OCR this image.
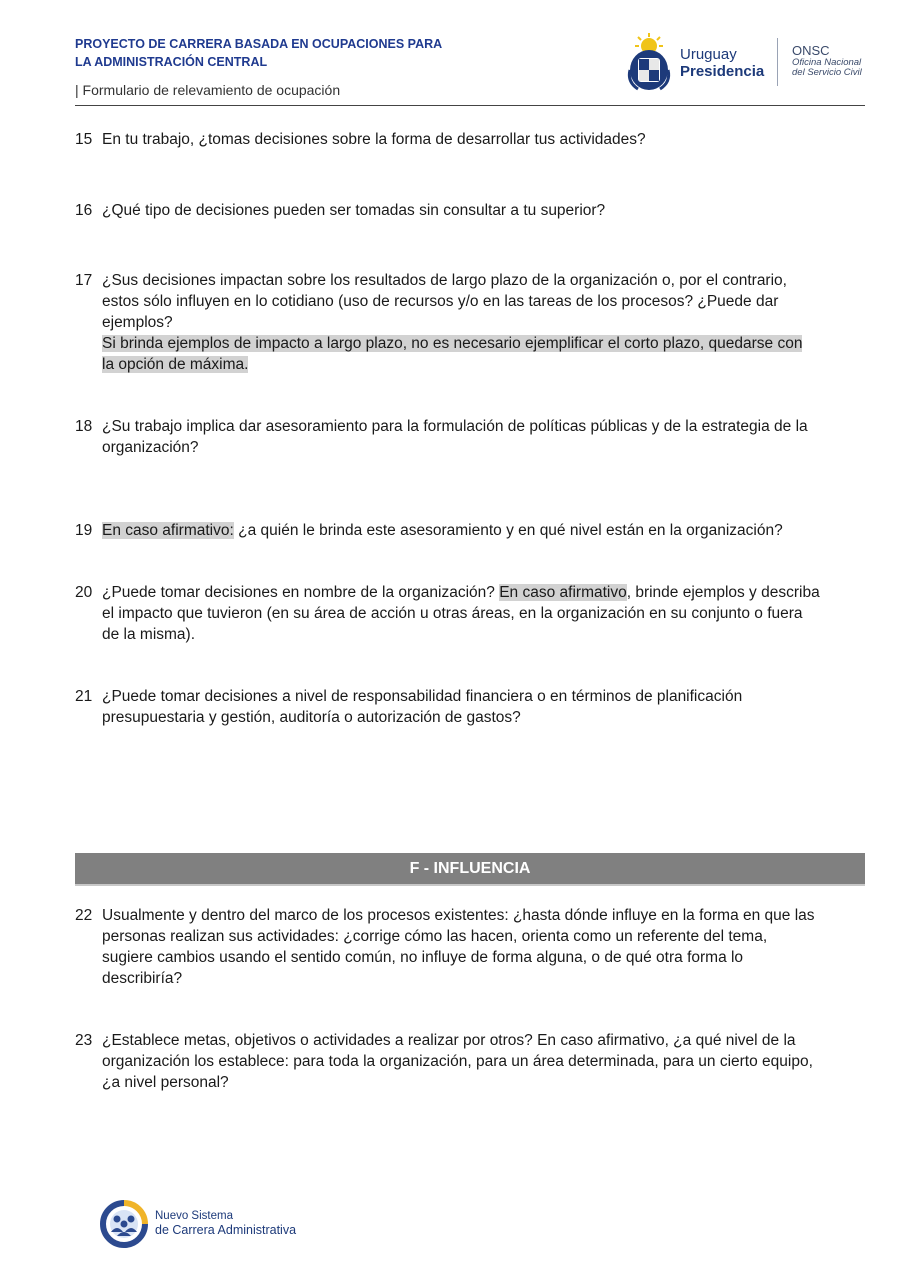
PROYECTO DE CARRERA BASADA EN OCUPACIONES PARA
LA ADMINISTRACIÓN CENTRAL
| Formulario de relevamiento de ocupación
Uruguay
Presidencia
ONSC
Oficina Nacional
del Servicio Civil
15 En tu trabajo, ¿tomas decisiones sobre la forma de desarrollar tus actividades?
16 ¿Qué tipo de decisiones pueden ser tomadas sin consultar a tu superior?
17 ¿Sus decisiones impactan sobre los resultados de largo plazo de la organización o, por el contrario,
estos sólo influyen en lo cotidiano (uso de recursos y/o en las tareas de los procesos? ¿Puede dar
ejemplos?
Si brinda ejemplos de impacto a largo plazo, no es necesario ejemplificar el corto plazo, quedarse con
la opción de máxima.
18 ¿Su trabajo implica dar asesoramiento para la formulación de políticas públicas y de la estrategia de la
organización?
19 En caso afirmativo: ¿a quién le brinda este asesoramiento y en qué nivel están en la organización?
20 ¿Puede tomar decisiones en nombre de la organización? En caso afirmativo, brinde ejemplos y describa
el impacto que tuvieron (en su área de acción u otras áreas, en la organización en su conjunto o fuera
de la misma).
21 ¿Puede tomar decisiones a nivel de responsabilidad financiera o en términos de planificación
presupuestaria y gestión, auditoría o autorización de gastos?
F - INFLUENCIA
22 Usualmente y dentro del marco de los procesos existentes: ¿hasta dónde influye en la forma en que las
personas realizan sus actividades: ¿corrige cómo las hacen, orienta como un referente del tema,
sugiere cambios usando el sentido común, no influye de forma alguna, o de qué otra forma lo
describiría?
23 ¿Establece metas, objetivos o actividades a realizar por otros? En caso afirmativo, ¿a qué nivel de la
organización los establece: para toda la organización, para un área determinada, para un cierto equipo,
¿a nivel personal?
Nuevo Sistema
de Carrera Administrativa
